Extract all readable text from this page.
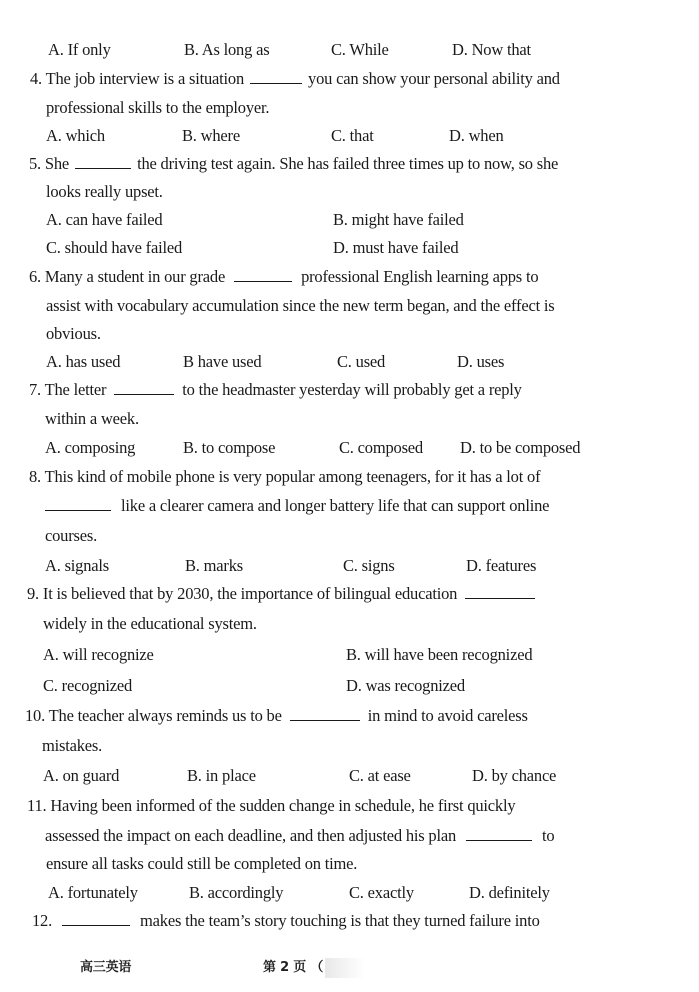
A. If only	B. As long as	C. While	D. Now that
4. The job interview is a situation	you can show your personal ability and
professional skills to the employer.
A. which	B. where	C. that	D. when
5. She	the driving test again. She has failed three times up to now, so she
looks really upset.
A. can have failed	B. might have failed
C. should have failed	D. must have failed
6. Many a student in our grade	professional English learning apps to
assist with vocabulary accumulation since the new term began, and the effect is
obvious.
A. has used	B have used	C. used	D. uses
7. The letter	to the headmaster yesterday will probably get a reply
within a week.
A. composing	B. to compose	C. composed D. to be composed
8. This kind of mobile phone is very popular among teenagers, for it has a lot of
like a clearer camera and longer battery life that can support online
courses.
A. signals	B. marks	C. signs	D. features
9. It is believed that by 2030, the importance of bilingual education
widely in the educational system.
A. will recognize	B. will have been recognized
C. recognized	D. was recognized
10. The teacher always reminds us to be	in mind to avoid careless
mistakes.
A. on guard	B. in place	C. at ease	D. by chance
11. Having been informed of the sudden change in schedule, he first quickly
assessed the impact on each deadline, and then adjusted his plan	to
ensure all tasks could still be completed on time.
A. fortunately	B. accordingly	C. exactly	D. definitely
12.	makes the team’s story touching is that they turned failure into
高三英语	第 2 页 （
